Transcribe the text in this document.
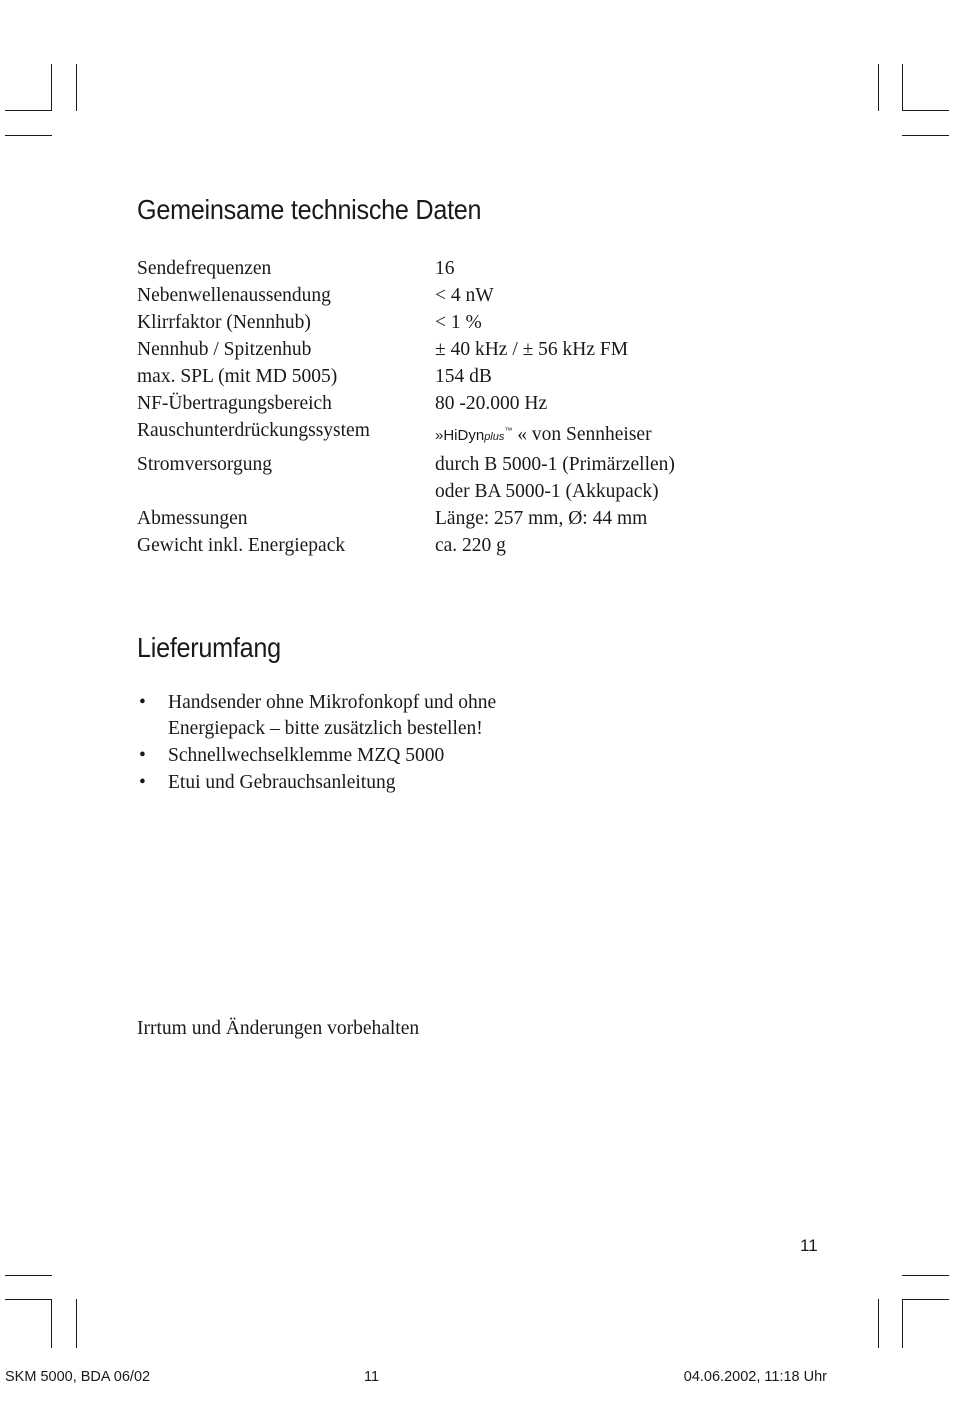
Gemeinsame technische Daten
Sendefrequenzen	16
Nebenwellenaussendung	< 4 nW
Klirrfaktor (Nennhub)	< 1 %
Nennhub / Spitzenhub	± 40 kHz / ± 56 kHz FM
max. SPL (mit MD 5005)	154 dB
NF-Übertragungsbereich	80 -20.000 Hz
Rauschunterdrückungssystem	»HiDynplus™ « von Sennheiser
Stromversorgung	durch B 5000-1 (Primärzellen)
	oder BA 5000-1 (Akkupack)
Abmessungen	Länge: 257 mm, Ø: 44 mm
Gewicht inkl. Energiepack	ca. 220 g
Lieferumfang
• Handsender ohne Mikrofonkopf und ohne
Energiepack – bitte zusätzlich bestellen!
• Schnellwechselklemme MZQ 5000
• Etui und Gebrauchsanleitung
Irrtum und Änderungen vorbehalten
11
SKM 5000, BDA 06/02	11	04.06.2002, 11:18 Uhr
